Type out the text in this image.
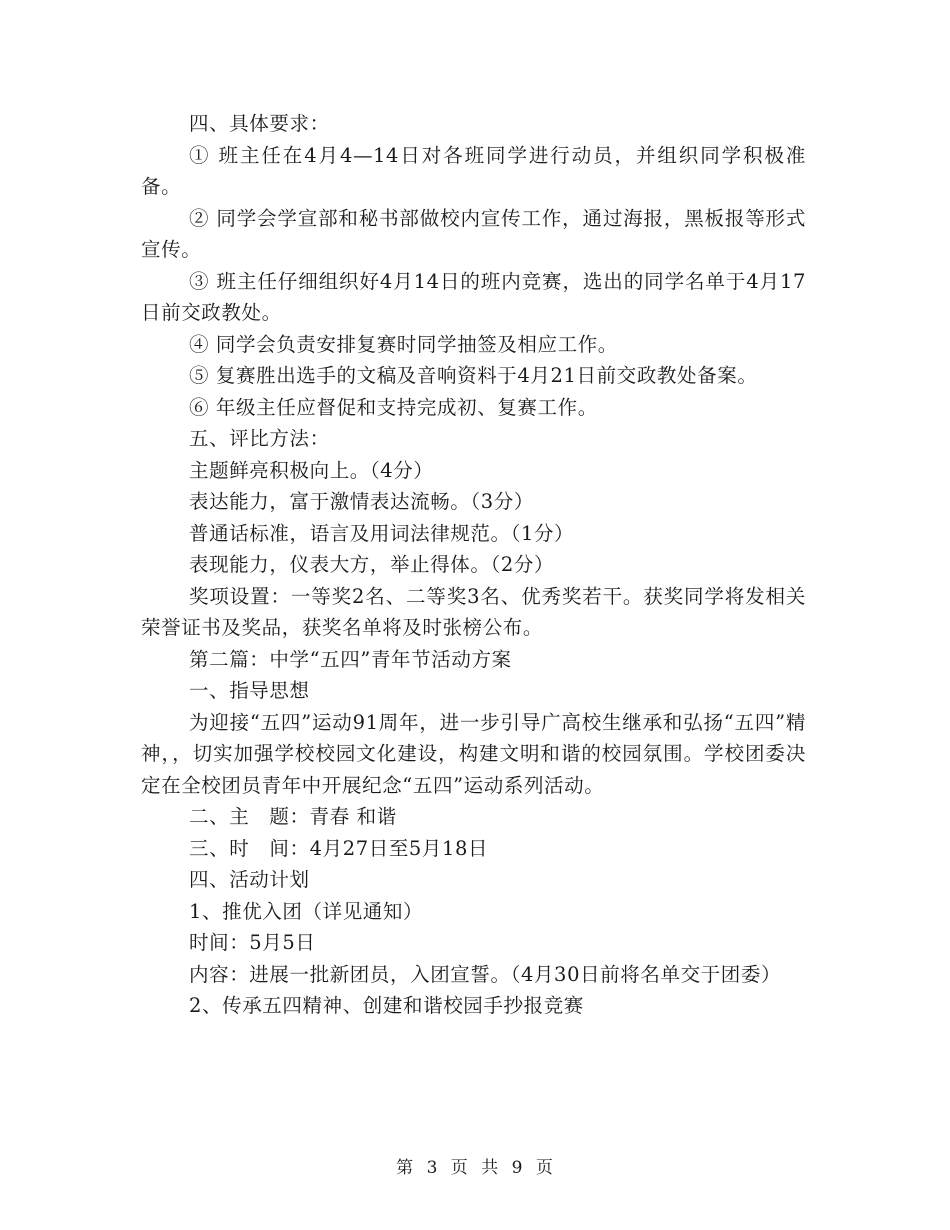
四、具体要求：

① 班主任在4月4—14日对各班同学进行动员，并组织同学积极准备。

② 同学会学宣部和秘书部做校内宣传工作，通过海报，黑板报等形式宣传。

③ 班主任仔细组织好4月14日的班内竞赛，选出的同学名单于4月17日前交政教处。

④ 同学会负责安排复赛时同学抽签及相应工作。

⑤ 复赛胜出选手的文稿及音响资料于4月21日前交政教处备案。

⑥ 年级主任应督促和支持完成初、复赛工作。

五、评比方法：

主题鲜亮积极向上。（4分）

表达能力，富于激情表达流畅。（3分）

普通话标准，语言及用词法律规范。（1分）

表现能力，仪表大方，举止得体。（2分）

奖项设置：一等奖2名、二等奖3名、优秀奖若干。获奖同学将发相关荣誉证书及奖品，获奖名单将及时张榜公布。

第二篇：中学“五四”青年节活动方案

一、指导思想

为迎接“五四”运动91周年，进一步引导广高校生继承和弘扬“五四”精神，，切实加强学校校园文化建设，构建文明和谐的校园氛围。学校团委决定在全校团员青年中开展纪念“五四”运动系列活动。

二、主　题：青春 和谐

三、时　间：4月27日至5月18日

四、活动计划

1、推优入团（详见通知）

时间：5月5日

内容：进展一批新团员，入团宣誓。（4月30日前将名单交于团委）

2、传承五四精神、创建和谐校园手抄报竞赛

第 3 页 共 9 页
